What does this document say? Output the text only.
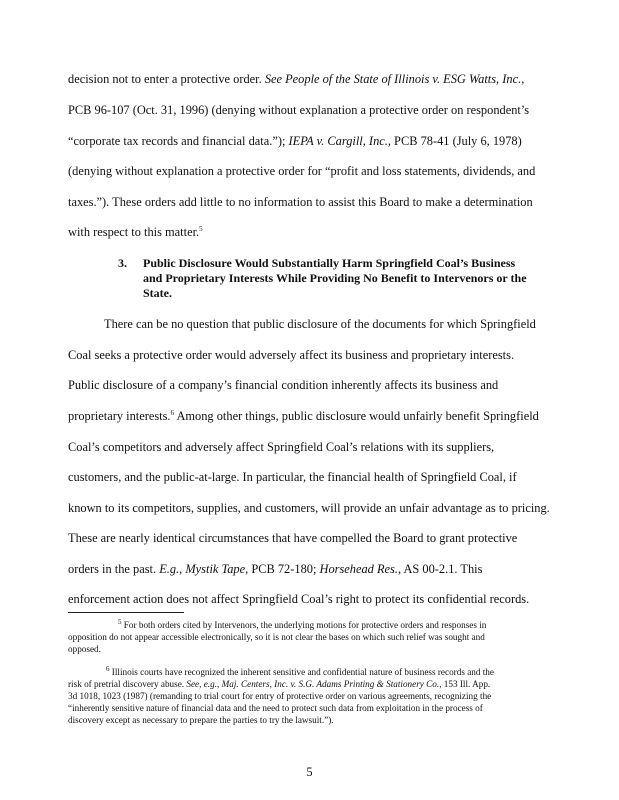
decision not to enter a protective order. See People of the State of Illinois v. ESG Watts, Inc.,
PCB 96-107 (Oct. 31, 1996) (denying without explanation a protective order on respondent’s
“corporate tax records and financial data.”); IEPA v. Cargill, Inc., PCB 78-41 (July 6, 1978)
(denying without explanation a protective order for “profit and loss statements, dividends, and
taxes.”). These orders add little to no information to assist this Board to make a determination
with respect to this matter.$^5$
3. Public Disclosure Would Substantially Harm Springfield Coal’s Business
and Proprietary Interests While Providing No Benefit to Intervenors or the
State.
There can be no question that public disclosure of the documents for which Springfield
Coal seeks a protective order would adversely affect its business and proprietary interests.
Public disclosure of a company’s financial condition inherently affects its business and
proprietary interests.$^6$ Among other things, public disclosure would unfairly benefit Springfield
Coal’s competitors and adversely affect Springfield Coal’s relations with its suppliers,
customers, and the public-at-large. In particular, the financial health of Springfield Coal, if
known to its competitors, supplies, and customers, will provide an unfair advantage as to pricing.
These are nearly identical circumstances that have compelled the Board to grant protective
orders in the past. E.g., Mystik Tape, PCB 72-180; Horsehead Res., AS 00-2.1. This
enforcement action does not affect Springfield Coal’s right to protect its confidential records.
$^5$ For both orders cited by Intervenors, the underlying motions for protective orders and responses in
opposition do not appear accessible electronically, so it is not clear the bases on which such relief was sought and
opposed.
$^6$ Illinois courts have recognized the inherent sensitive and confidential nature of business records and the
risk of pretrial discovery abuse. See, e.g., Maj. Centers, Inc. v. S.G. Adams Printing & Stationery Co., 153 Ill. App.
3d 1018, 1023 (1987) (remanding to trial court for entry of protective order on various agreements, recognizing the
“inherently sensitive nature of financial data and the need to protect such data from exploitation in the process of
discovery except as necessary to prepare the parties to try the lawsuit.”).
5
